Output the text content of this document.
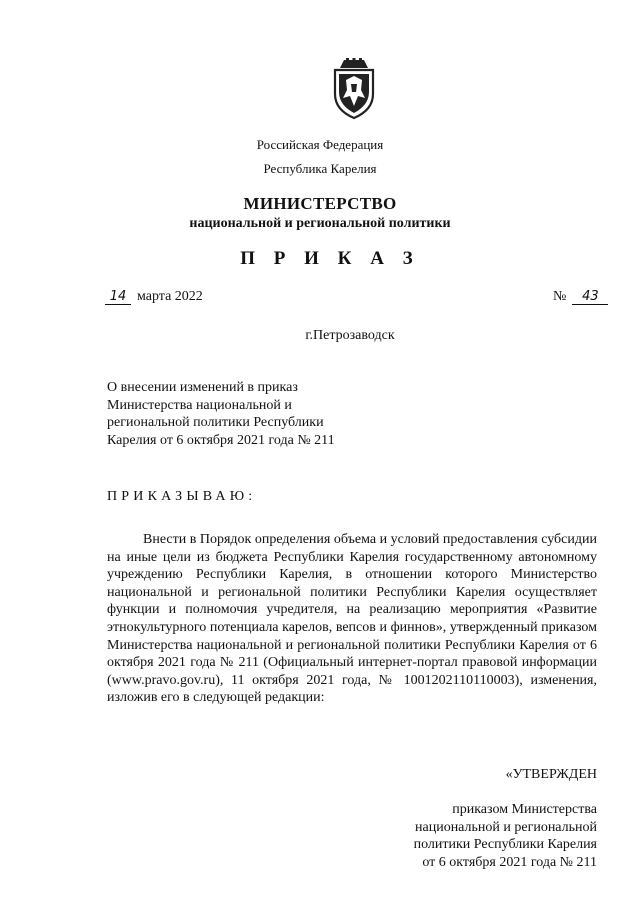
Российская Федерация
Республика Карелия
МИНИСТЕРСТВО
национальной и региональной политики
П Р И К А З
14 марта 2022	№ 43
г.Петрозаводск
О внесении изменений в приказ
Министерства национальной и
региональной политики Республики
Карелия от 6 октября 2021 года № 211
ПРИКАЗЫВАЮ:
Внести в Порядок определения объема и условий предоставления субсидии на иные цели из бюджета Республики Карелия государственному автономному учреждению Республики Карелия, в отношении которого Министерство национальной и региональной политики Республики Карелия осуществляет функции и полномочия учредителя, на реализацию мероприятия «Развитие этнокультурного потенциала карелов, вепсов и финнов», утвержденный приказом Министерства национальной и региональной политики Республики Карелия от 6 октября 2021 года № 211 (Официальный интернет-портал правовой информации (www.pravo.gov.ru), 11 октября 2021 года, № 1001202110110003), изменения, изложив его в следующей редакции:
«УТВЕРЖДЕН
приказом Министерства
национальной и региональной
политики Республики Карелия
от 6 октября 2021 года № 211
